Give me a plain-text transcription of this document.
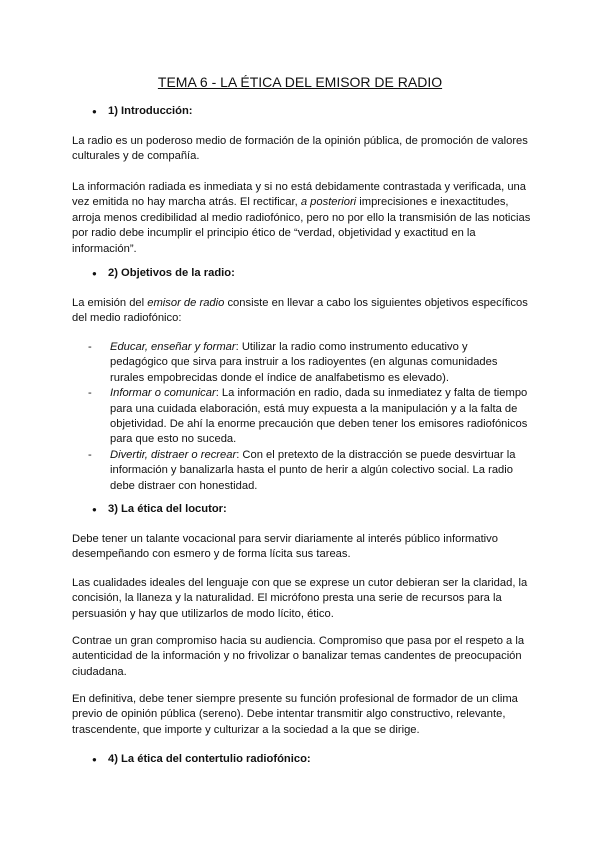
TEMA 6 - LA ÉTICA DEL EMISOR DE RADIO
● 1) Introducción:

La radio es un poderoso medio de formación de la opinión pública, de promoción de valores culturales y de compañía.

La información radiada es inmediata y si no está debidamente contrastada y verificada, una vez emitida no hay marcha atrás. El rectificar, a posteriori imprecisiones e inexactitudes, arroja menos credibilidad al medio radiofónico, pero no por ello la transmisión de las noticias por radio debe incumplir el principio ético de “verdad, objetividad y exactitud en la información”.

● 2) Objetivos de la radio:

La emisión del emisor de radio consiste en llevar a cabo los siguientes objetivos específicos del medio radiofónico:

- Educar, enseñar y formar: Utilizar la radio como instrumento educativo y pedagógico que sirva para instruir a los radioyentes (en algunas comunidades rurales empobrecidas donde el índice de analfabetismo es elevado).
- Informar o comunicar: La información en radio, dada su inmediatez y falta de tiempo para una cuidada elaboración, está muy expuesta a la manipulación y a la falta de objetividad. De ahí la enorme precaución que deben tener los emisores radiofónicos para que esto no suceda.
- Divertir, distraer o recrear: Con el pretexto de la distracción se puede desvirtuar la información y banalizarla hasta el punto de herir a algún colectivo social. La radio debe distraer con honestidad.
● 3) La ética del locutor:

Debe tener un talante vocacional para servir diariamente al interés público informativo desempeñando con esmero y de forma lícita sus tareas.

Las cualidades ideales del lenguaje con que se exprese un cutor debieran ser la claridad, la concisión, la llaneza y la naturalidad. El micrófono presta una serie de recursos para la persuasión y hay que utilizarlos de modo lícito, ético.

Contrae un gran compromiso hacia su audiencia. Compromiso que pasa por el respeto a la autenticidad de la información y no frivolizar o banalizar temas candentes de preocupación ciudadana.

En definitiva, debe tener siempre presente su función profesional de formador de un clima previo de opinión pública (sereno). Debe intentar transmitir algo constructivo, relevante, trascendente, que importe y culturizar a la sociedad a la que se dirige.

● 4) La ética del contertulio radiofónico:
